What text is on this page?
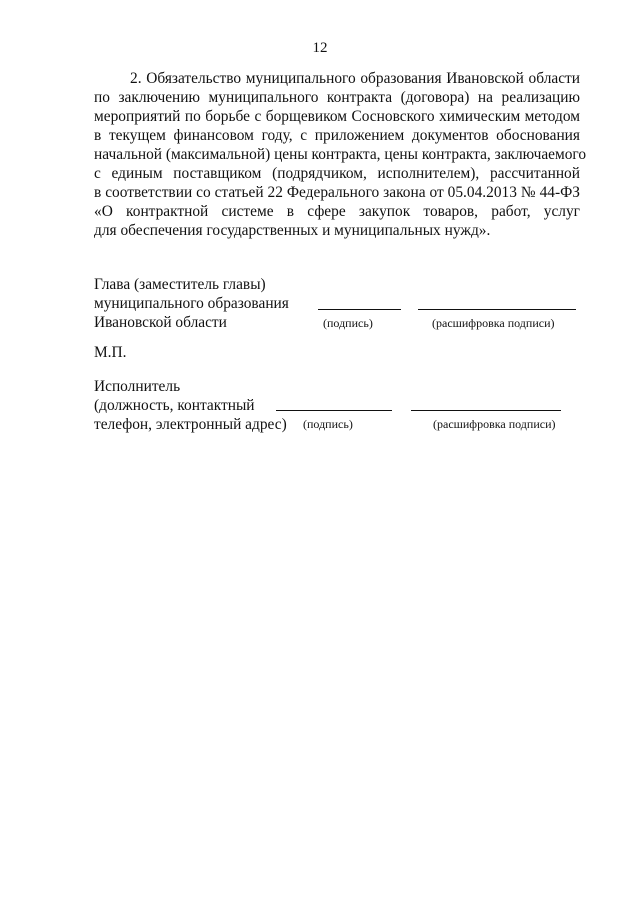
12
2. Обязательство муниципального образования Ивановской области
по заключению муниципального контракта (договора) на реализацию
мероприятий по борьбе с борщевиком Сосновского химическим методом
в текущем финансовом году, с приложением документов обоснования
начальной (максимальной) цены контракта, цены контракта, заключаемого
с единым поставщиком (подрядчиком, исполнителем), рассчитанной
в соответствии со статьей 22 Федерального закона от 05.04.2013 № 44-ФЗ
«О контрактной системе в сфере закупок товаров, работ, услуг
для обеспечения государственных и муниципальных нужд».
Глава (заместитель главы)
муниципального образования
Ивановской области	(подпись)	(расшифровка подписи)
М.П.
Исполнитель
(должность, контактный
телефон, электронный адрес) (подпись)	(расшифровка подписи)
